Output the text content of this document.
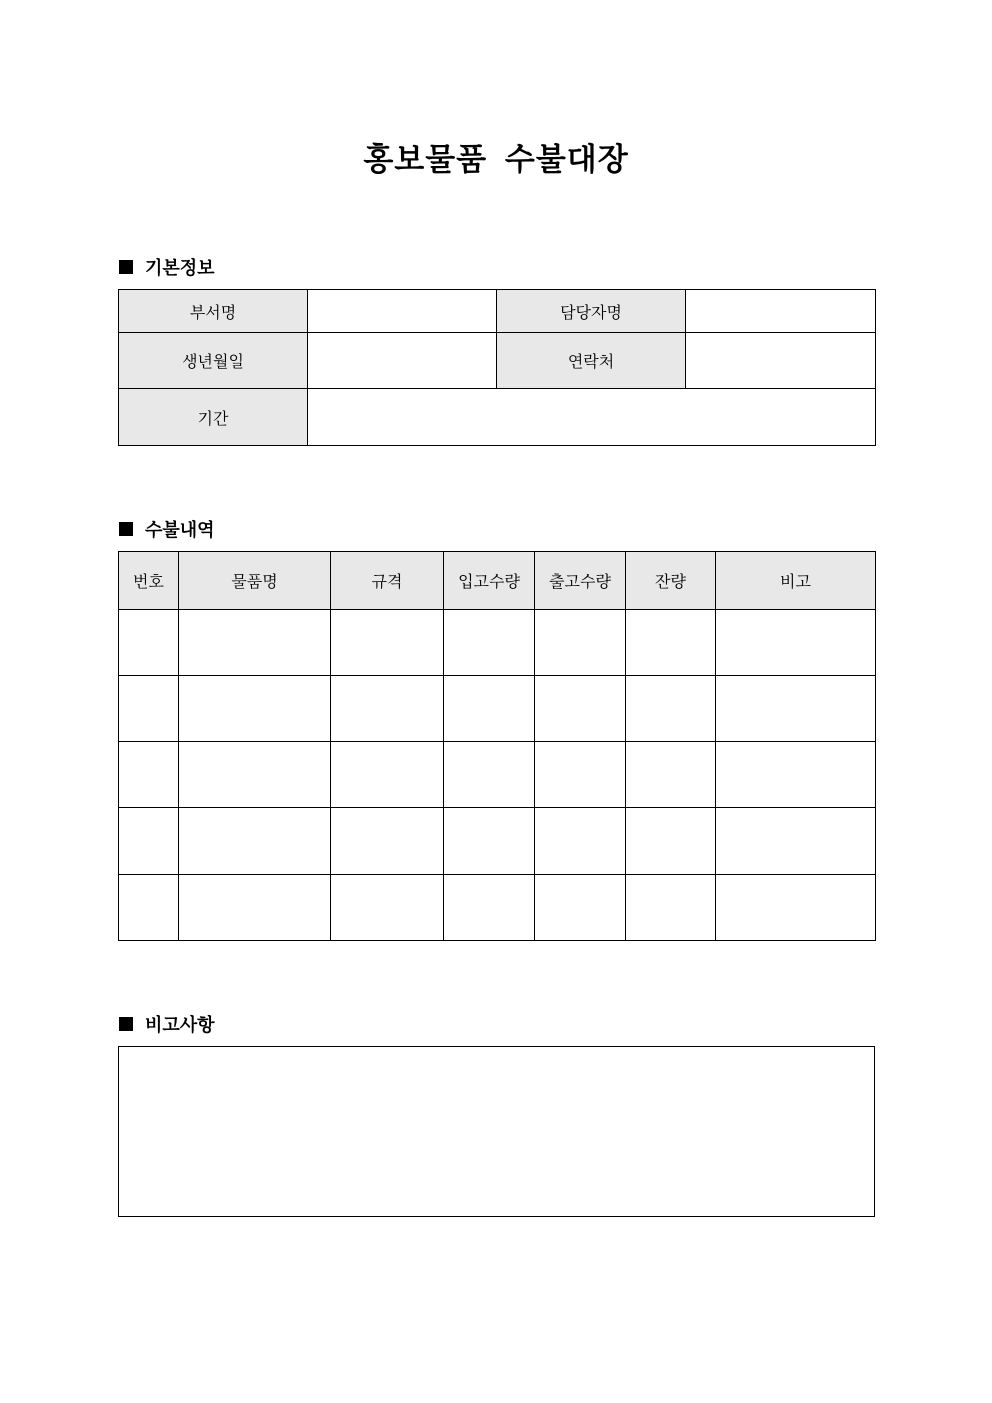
홍보물품 수불대장
기본정보
부서명		담당자명	
생년월일		연락처	
기간			
수불내역
번호	물품명	규격	입고수량	출고수량	잔량	비고

비고사항
